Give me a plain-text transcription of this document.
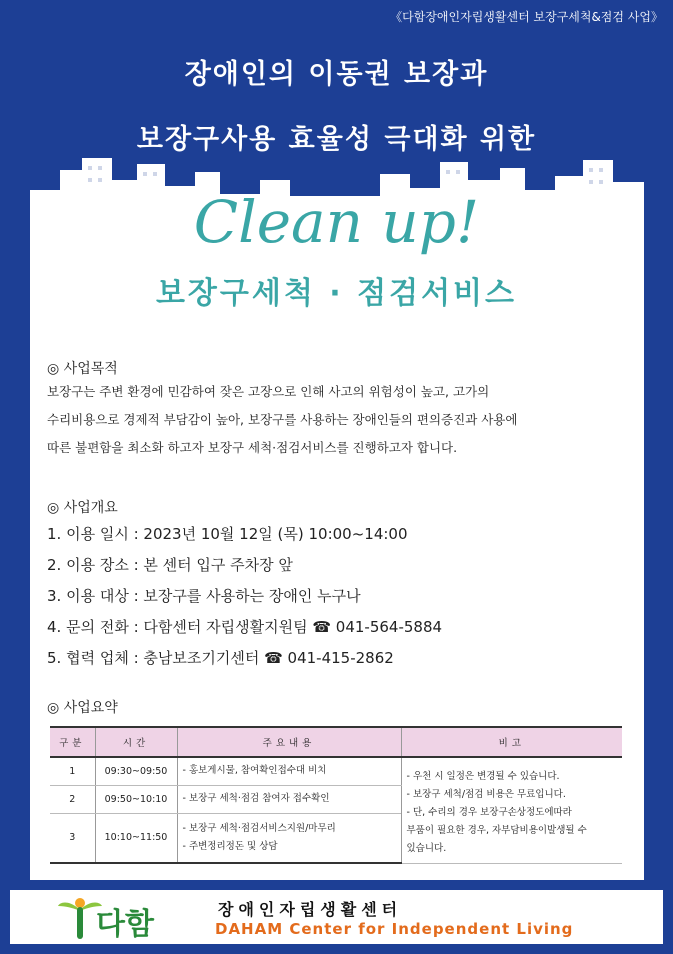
《다함장애인자립생활센터 보장구세척&점검 사업》
장애인의 이동권 보장과
보장구사용 효율성 극대화 위한
Clean up!
보장구세척 · 점검서비스
◎ 사업목적
보장구는 주변 환경에 민감하여 잦은 고장으로 인해 사고의 위험성이 높고, 고가의
수리비용으로 경제적 부담감이 높아, 보장구를 사용하는 장애인들의 편의증진과 사용에
따른 불편함을 최소화 하고자 보장구 세척·점검서비스를 진행하고자 합니다.
◎ 사업개요
1. 이용 일시 : 2023년 10월 12일 (목) 10:00~14:00
2. 이용 장소 : 본 센터 입구 주차장 앞
3. 이용 대상 : 보장구를 사용하는 장애인 누구나
4. 문의 전화 : 다함센터 자립생활지원팀 ☎ 041-564-5884
5. 협력 업체 : 충남보조기기센터 ☎ 041-415-2862
◎ 사업요약
구분	시간	주요내용	비고
1	09:30~09:50	- 홍보게시물, 참여확인접수대 비치	- 우천 시 일정은 변경될 수 있습니다.
- 보장구 세척/점검 비용은 무료입니다.
- 단, 수리의 경우 보장구손상정도에따라
부품이 필요한 경우, 자부담비용이발생될 수
있습니다.

2	09:50~10:10	- 보장구 세척·점검 참여자 접수확인	

3	10:10~11:50	- 보장구 세척·점검서비스지원/마무리
- 주변정리정돈 및 상담	
다함	장애인자립생활센터
DAHAM Center for Independent Living
